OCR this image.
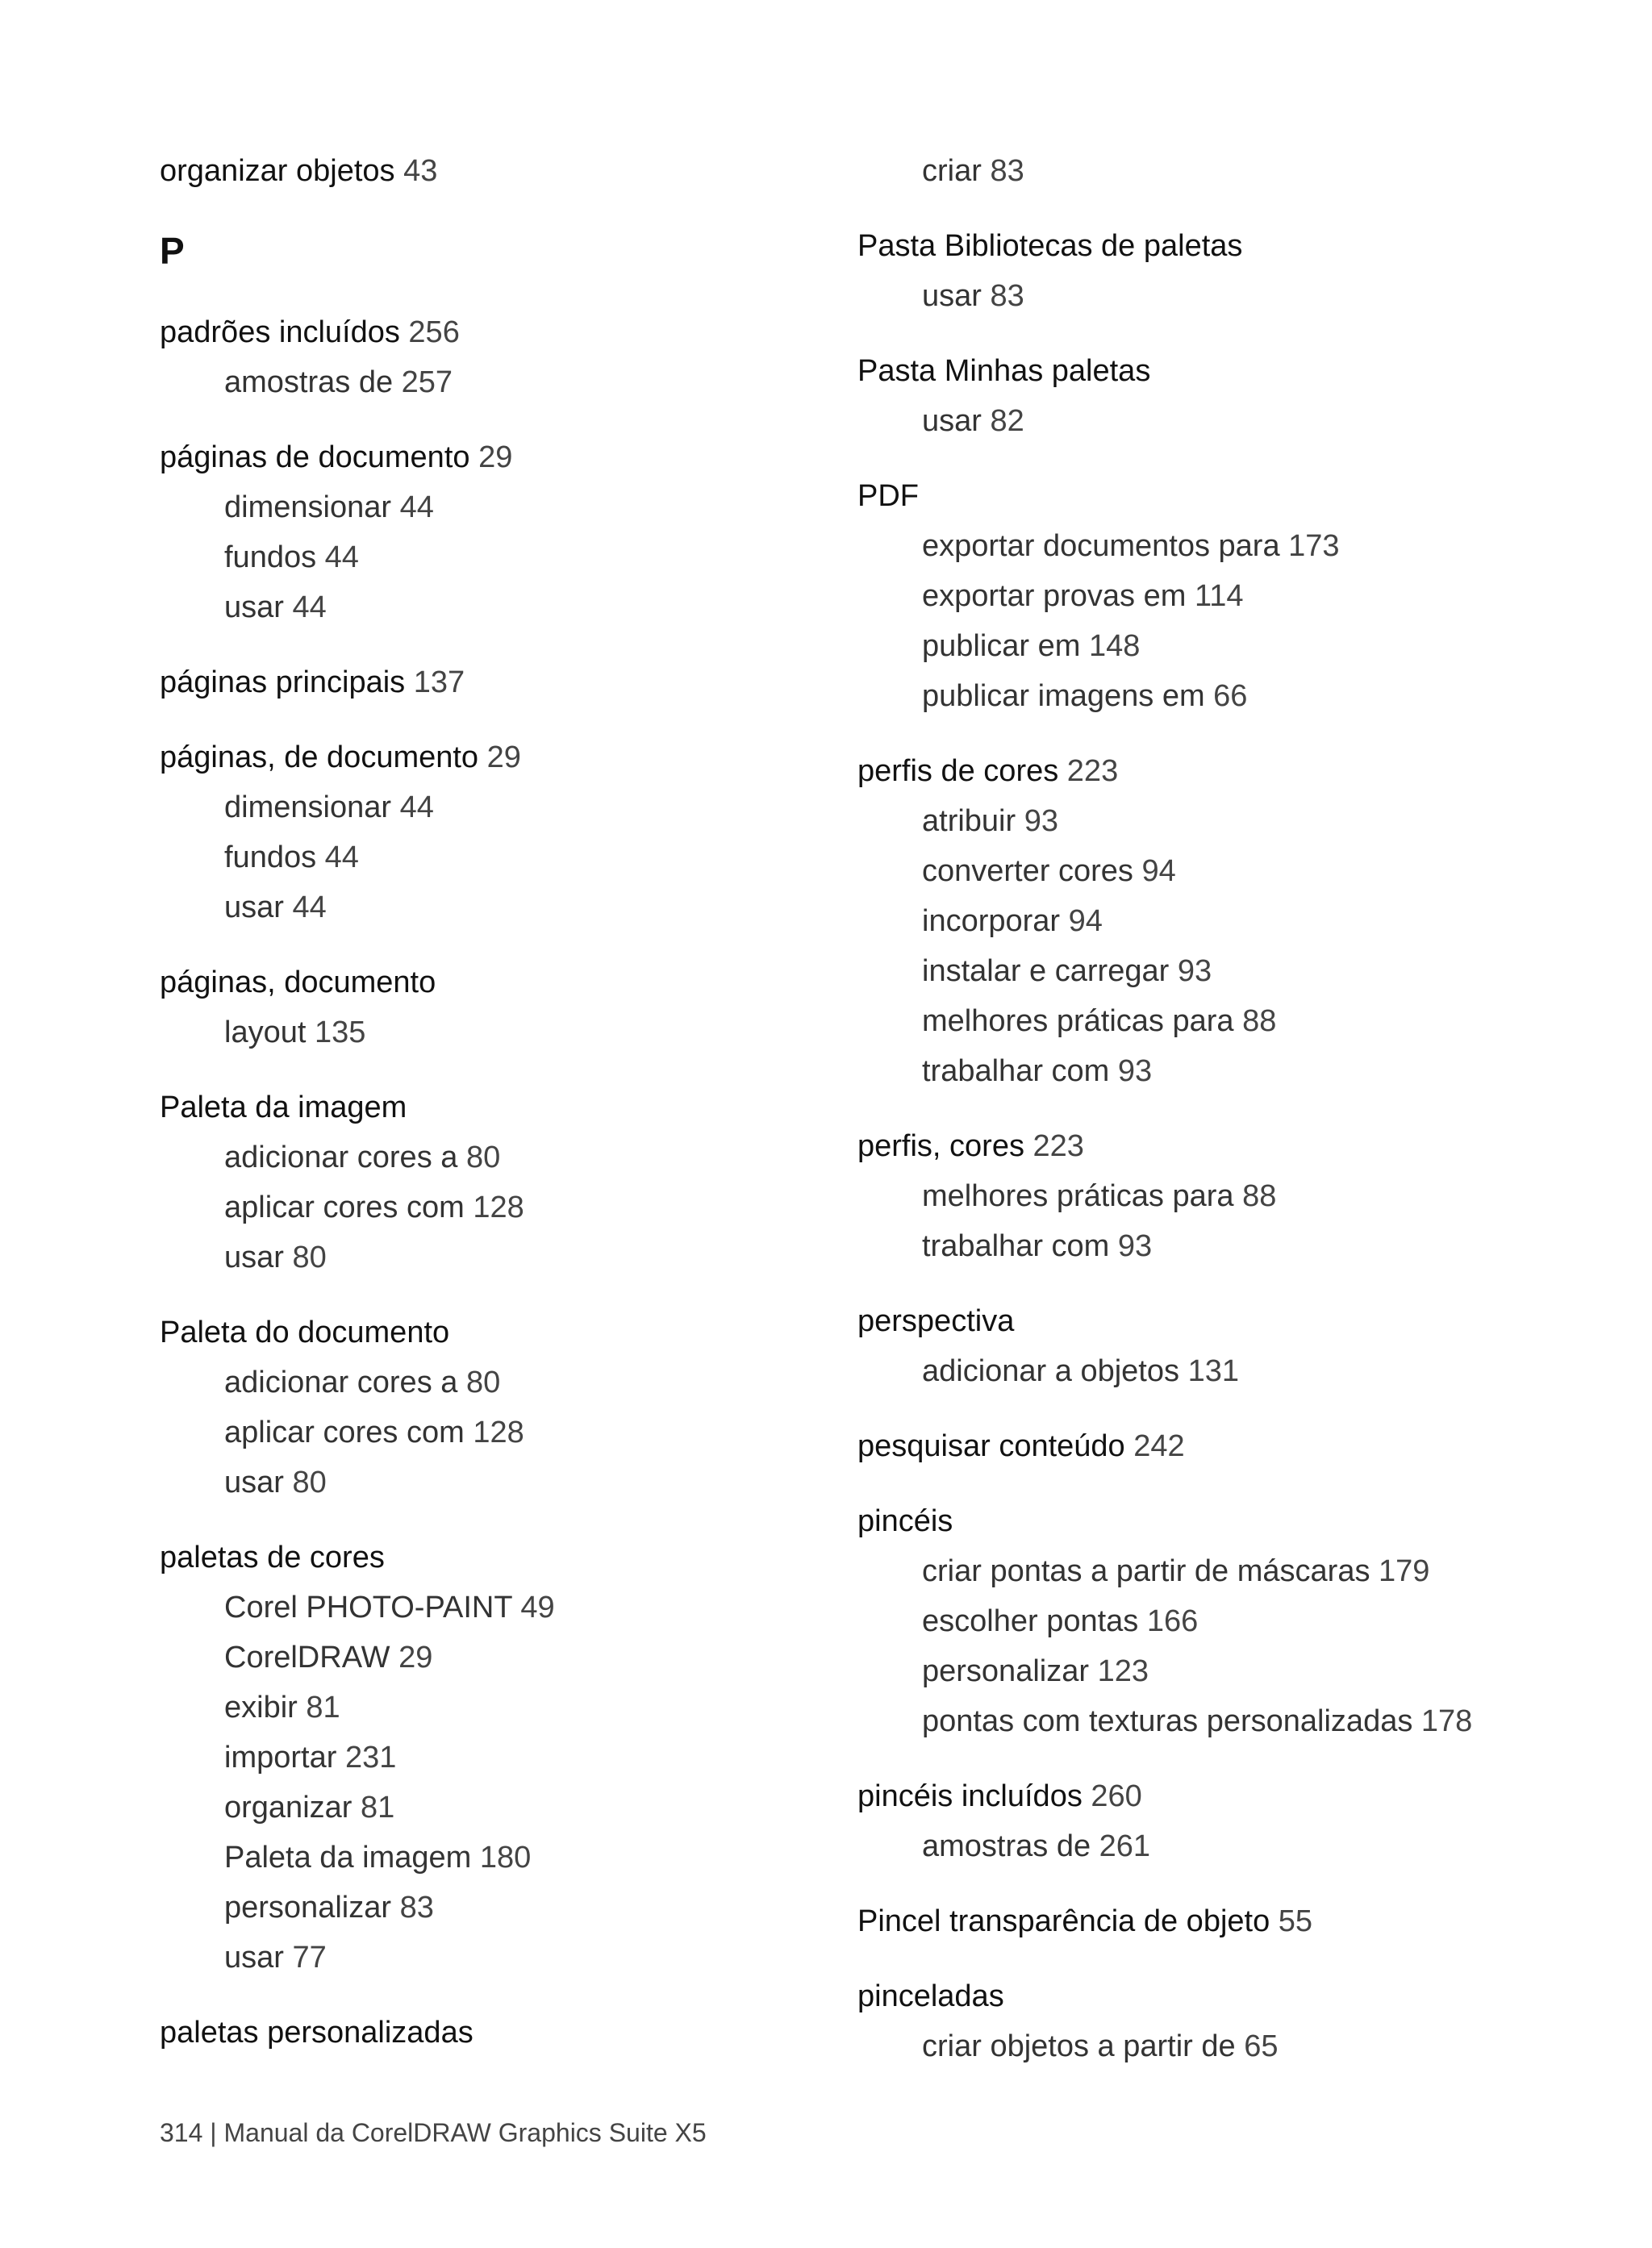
organizar objetos 43
P
padrões incluídos 256
amostras de 257
páginas de documento 29
dimensionar 44
fundos 44
usar 44
páginas principais 137
páginas, de documento 29
dimensionar 44
fundos 44
usar 44
páginas, documento
layout 135
Paleta da imagem
adicionar cores a 80
aplicar cores com 128
usar 80
Paleta do documento
adicionar cores a 80
aplicar cores com 128
usar 80
paletas de cores
Corel PHOTO-PAINT 49
CorelDRAW 29
exibir 81
importar 231
organizar 81
Paleta da imagem 180
personalizar 83
usar 77
paletas personalizadas
criar 83
Pasta Bibliotecas de paletas
usar 83
Pasta Minhas paletas
usar 82
PDF
exportar documentos para 173
exportar provas em 114
publicar em 148
publicar imagens em 66
perfis de cores 223
atribuir 93
converter cores 94
incorporar 94
instalar e carregar 93
melhores práticas para 88
trabalhar com 93
perfis, cores 223
melhores práticas para 88
trabalhar com 93
perspectiva
adicionar a objetos 131
pesquisar conteúdo 242
pincéis
criar pontas a partir de máscaras 179
escolher pontas 166
personalizar 123
pontas com texturas personalizadas 178
pincéis incluídos 260
amostras de 261
Pincel transparência de objeto 55
pinceladas
criar objetos a partir de 65
314 | Manual da CorelDRAW Graphics Suite X5
